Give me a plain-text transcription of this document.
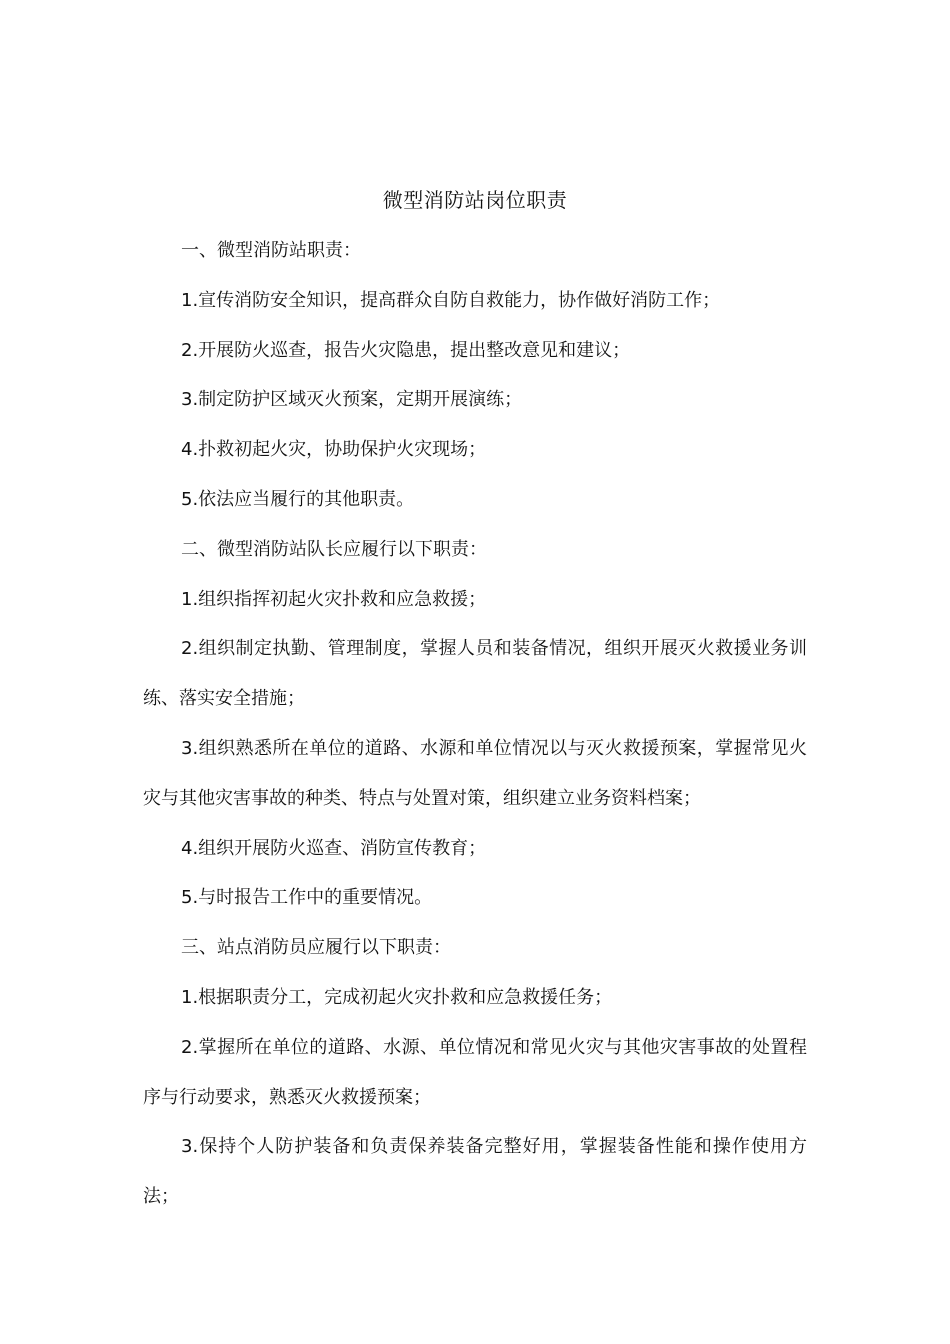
微型消防站岗位职责

一、微型消防站职责：

1.宣传消防安全知识，提高群众自防自救能力，协作做好消防工作；

2.开展防火巡查，报告火灾隐患，提出整改意见和建议；

3.制定防护区域灭火预案，定期开展演练；

4.扑救初起火灾，协助保护火灾现场；

5.依法应当履行的其他职责。

二、微型消防站队长应履行以下职责：

1.组织指挥初起火灾扑救和应急救援；

2.组织制定执勤、管理制度，掌握人员和装备情况，组织开展灭火救援业务训练、落实安全措施；

3.组织熟悉所在单位的道路、水源和单位情况以与灭火救援预案，掌握常见火灾与其他灾害事故的种类、特点与处置对策，组织建立业务资料档案；

4.组织开展防火巡查、消防宣传教育；

5.与时报告工作中的重要情况。

三、站点消防员应履行以下职责：

1.根据职责分工，完成初起火灾扑救和应急救援任务；

2.掌握所在单位的道路、水源、单位情况和常见火灾与其他灾害事故的处置程序与行动要求，熟悉灭火救援预案；

3.保持个人防护装备和负责保养装备完整好用，掌握装备性能和操作使用方法；
